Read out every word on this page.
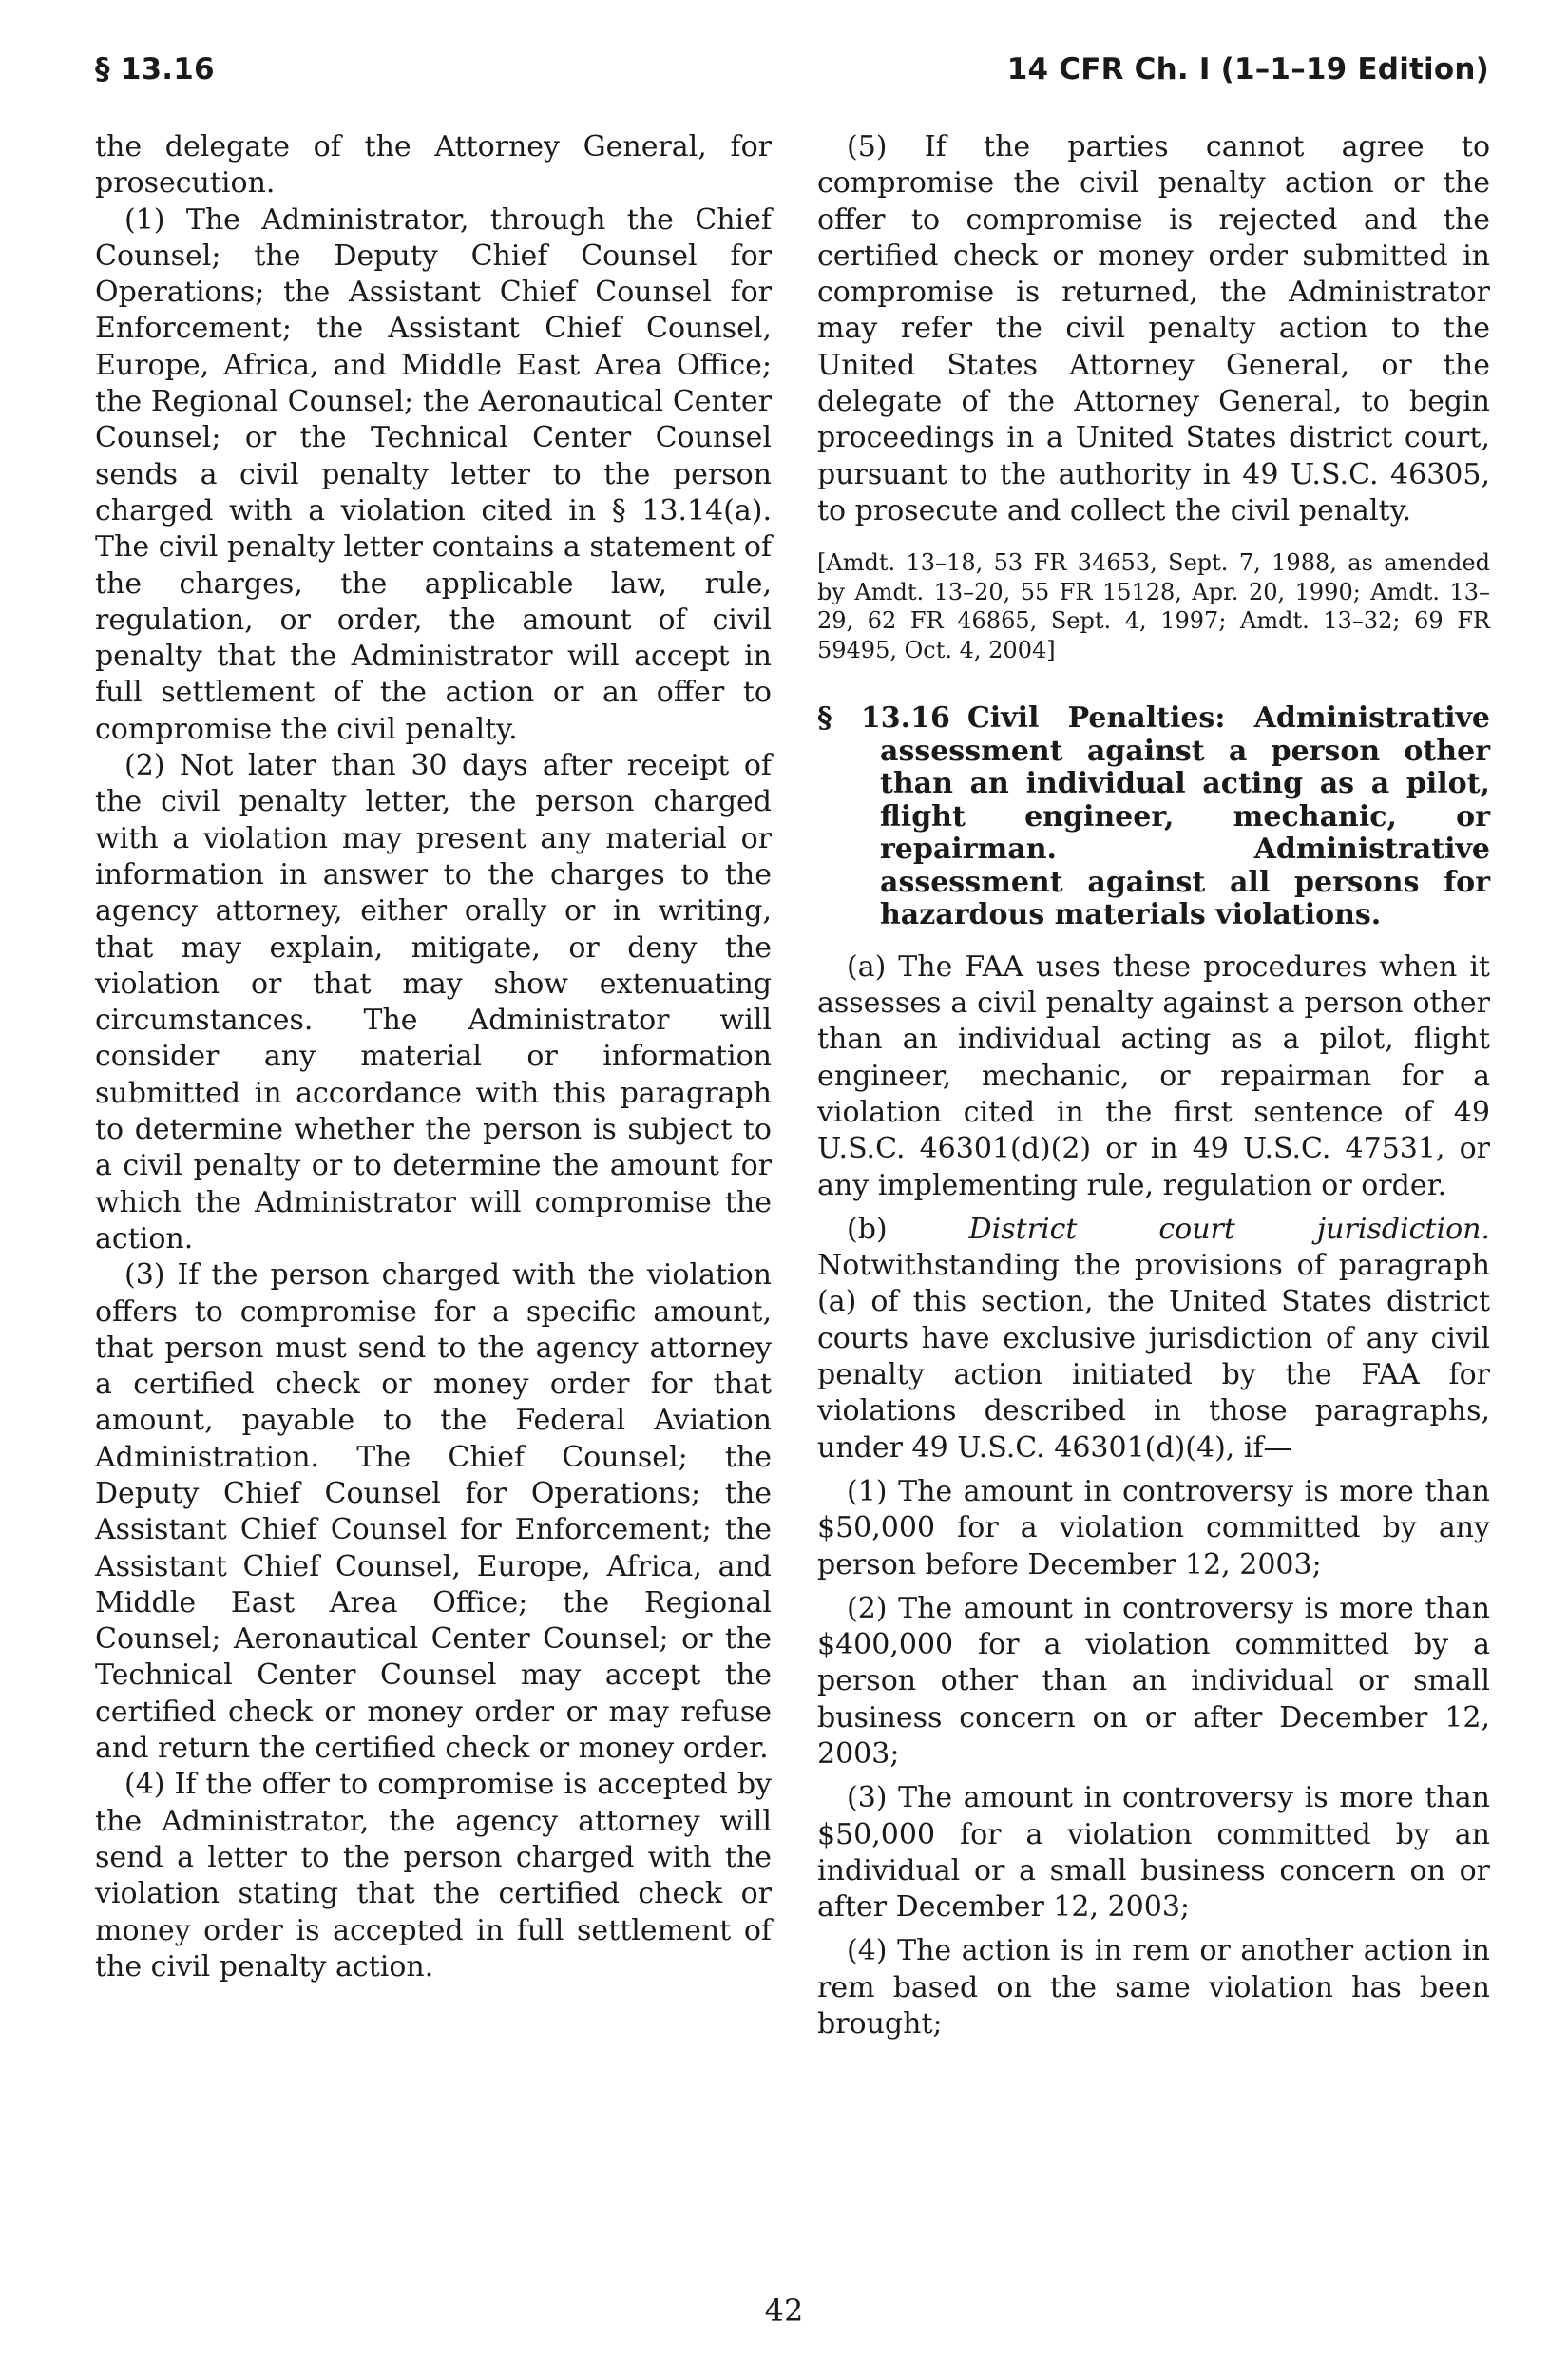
§ 13.16	14 CFR Ch. I (1–1–19 Edition)

the delegate of the Attorney General, for prosecution.

(1) The Administrator, through the Chief Counsel; the Deputy Chief Counsel for Operations; the Assistant Chief Counsel for Enforcement; the Assistant Chief Counsel, Europe, Africa, and Middle East Area Office; the Regional Counsel; the Aeronautical Center Counsel; or the Technical Center Counsel sends a civil penalty letter to the person charged with a violation cited in § 13.14(a). The civil penalty letter contains a statement of the charges, the applicable law, rule, regulation, or order, the amount of civil penalty that the Administrator will accept in full settlement of the action or an offer to compromise the civil penalty.

(2) Not later than 30 days after receipt of the civil penalty letter, the person charged with a violation may present any material or information in answer to the charges to the agency attorney, either orally or in writing, that may explain, mitigate, or deny the violation or that may show extenuating circumstances. The Administrator will consider any material or information submitted in accordance with this paragraph to determine whether the person is subject to a civil penalty or to determine the amount for which the Administrator will compromise the action.

(3) If the person charged with the violation offers to compromise for a specific amount, that person must send to the agency attorney a certified check or money order for that amount, payable to the Federal Aviation Administration. The Chief Counsel; the Deputy Chief Counsel for Operations; the Assistant Chief Counsel for Enforcement; the Assistant Chief Counsel, Europe, Africa, and Middle East Area Office; the Regional Counsel; Aeronautical Center Counsel; or the Technical Center Counsel may accept the certified check or money order or may refuse and return the certified check or money order.

(4) If the offer to compromise is accepted by the Administrator, the agency attorney will send a letter to the person charged with the violation stating that the certified check or money order is accepted in full settlement of the civil penalty action.

(5) If the parties cannot agree to compromise the civil penalty action or the offer to compromise is rejected and the certified check or money order submitted in compromise is returned, the Administrator may refer the civil penalty action to the United States Attorney General, or the delegate of the Attorney General, to begin proceedings in a United States district court, pursuant to the authority in 49 U.S.C. 46305, to prosecute and collect the civil penalty.

[Amdt. 13–18, 53 FR 34653, Sept. 7, 1988, as amended by Amdt. 13–20, 55 FR 15128, Apr. 20, 1990; Amdt. 13–29, 62 FR 46865, Sept. 4, 1997; Amdt. 13–32; 69 FR 59495, Oct. 4, 2004]
§ 13.16 Civil Penalties: Administrative assessment against a person other than an individual acting as a pilot, flight engineer, mechanic, or repairman. Administrative assessment against all persons for hazardous materials violations.

(a) The FAA uses these procedures when it assesses a civil penalty against a person other than an individual acting as a pilot, flight engineer, mechanic, or repairman for a violation cited in the first sentence of 49 U.S.C. 46301(d)(2) or in 49 U.S.C. 47531, or any implementing rule, regulation or order.

(b)	District court jurisdiction. Notwithstanding the provisions of paragraph (a) of this section, the United States district courts have exclusive jurisdiction of any civil penalty action initiated by the FAA for violations described in those paragraphs, under 49 U.S.C. 46301(d)(4), if—

(1) The amount in controversy is more than $50,000 for a violation committed by any person before December 12, 2003;

(2) The amount in controversy is more than $400,000 for a violation committed by a person other than an individual or small business concern on or after December 12, 2003;

(3) The amount in controversy is more than $50,000 for a violation committed by an individual or a small business concern on or after December 12, 2003;

(4) The action is in rem or another action in rem based on the same violation has been brought;

42
